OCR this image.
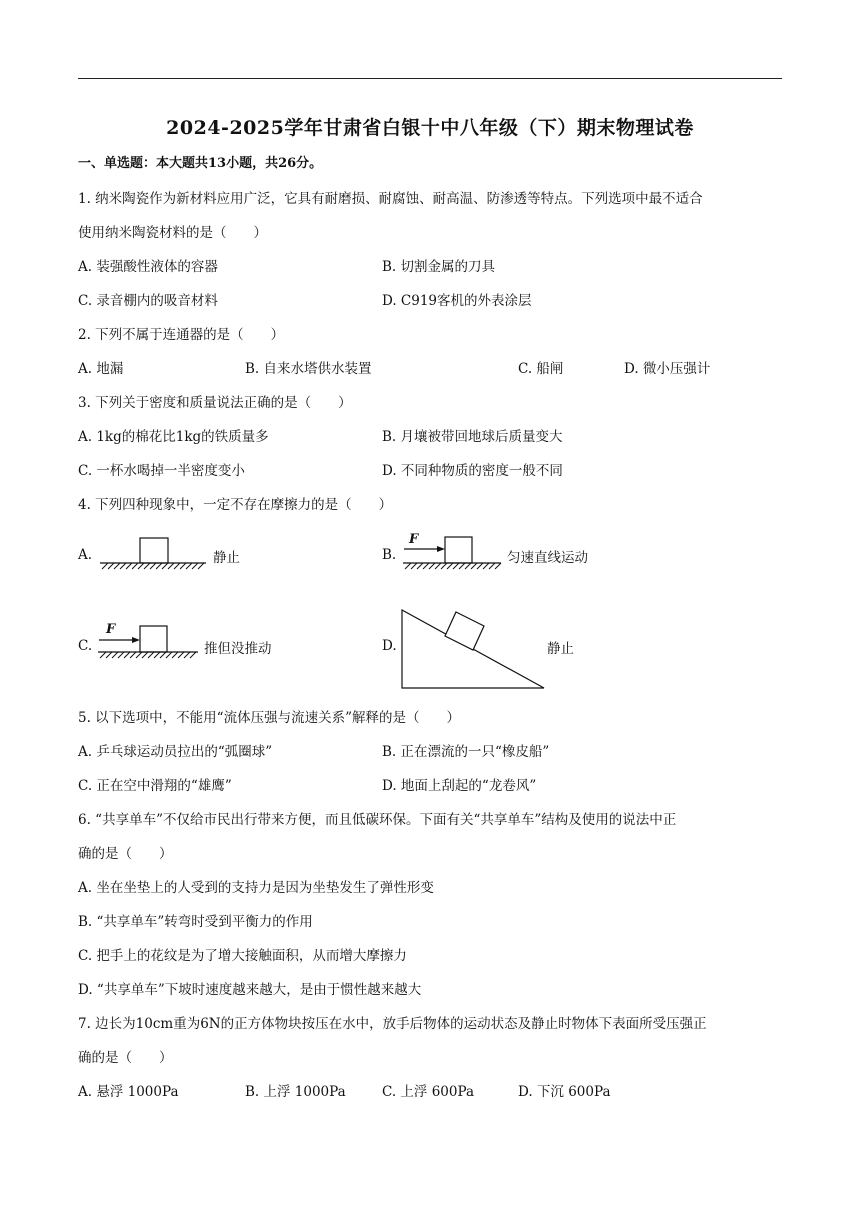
2024-2025学年甘肃省白银十中八年级（下）期末物理试卷
一、单选题：本大题共13小题，共26分。
1. 纳米陶瓷作为新材料应用广泛，它具有耐磨损、耐腐蚀、耐高温、防渗透等特点。下列选项中最不适合
使用纳米陶瓷材料的是（　　）
A. 装强酸性液体的容器	B. 切割金属的刀具
C. 录音棚内的吸音材料	D. C919客机的外表涂层
2. 下列不属于连通器的是（　　）
A. 地漏	B. 自来水塔供水装置	C. 船闸	D. 微小压强计
3. 下列关于密度和质量说法正确的是（　　）
A. 1kg的棉花比1kg的铁质量多	B. 月壤被带回地球后质量变大
C. 一杯水喝掉一半密度变小	D. 不同种物质的密度一般不同
4. 下列四种现象中，一定不存在摩擦力的是（　　）
A.	静止	B.
F
匀速直线运动
C.
F
推但没推动	D.	静止
5. 以下选项中，不能用“流体压强与流速关系”解释的是（　　）
A. 乒乓球运动员拉出的“弧圈球”	B. 正在漂流的一只“橡皮船”
C. 正在空中滑翔的“雄鹰”	D. 地面上刮起的“龙卷风”
6. “共享单车”不仅给市民出行带来方便，而且低碳环保。下面有关“共享单车”结构及使用的说法中正
确的是（　　）
A. 坐在坐垫上的人受到的支持力是因为坐垫发生了弹性形变
B. “共享单车”转弯时受到平衡力的作用
C. 把手上的花纹是为了增大接触面积，从而增大摩擦力
D. “共享单车”下坡时速度越来越大，是由于惯性越来越大
7. 边长为10cm重为6N的正方体物块按压在水中，放手后物体的运动状态及静止时物体下表面所受压强正
确的是（　　）
A. 悬浮 1000Pa	B. 上浮 1000Pa	C. 上浮 600Pa	D. 下沉 600Pa
